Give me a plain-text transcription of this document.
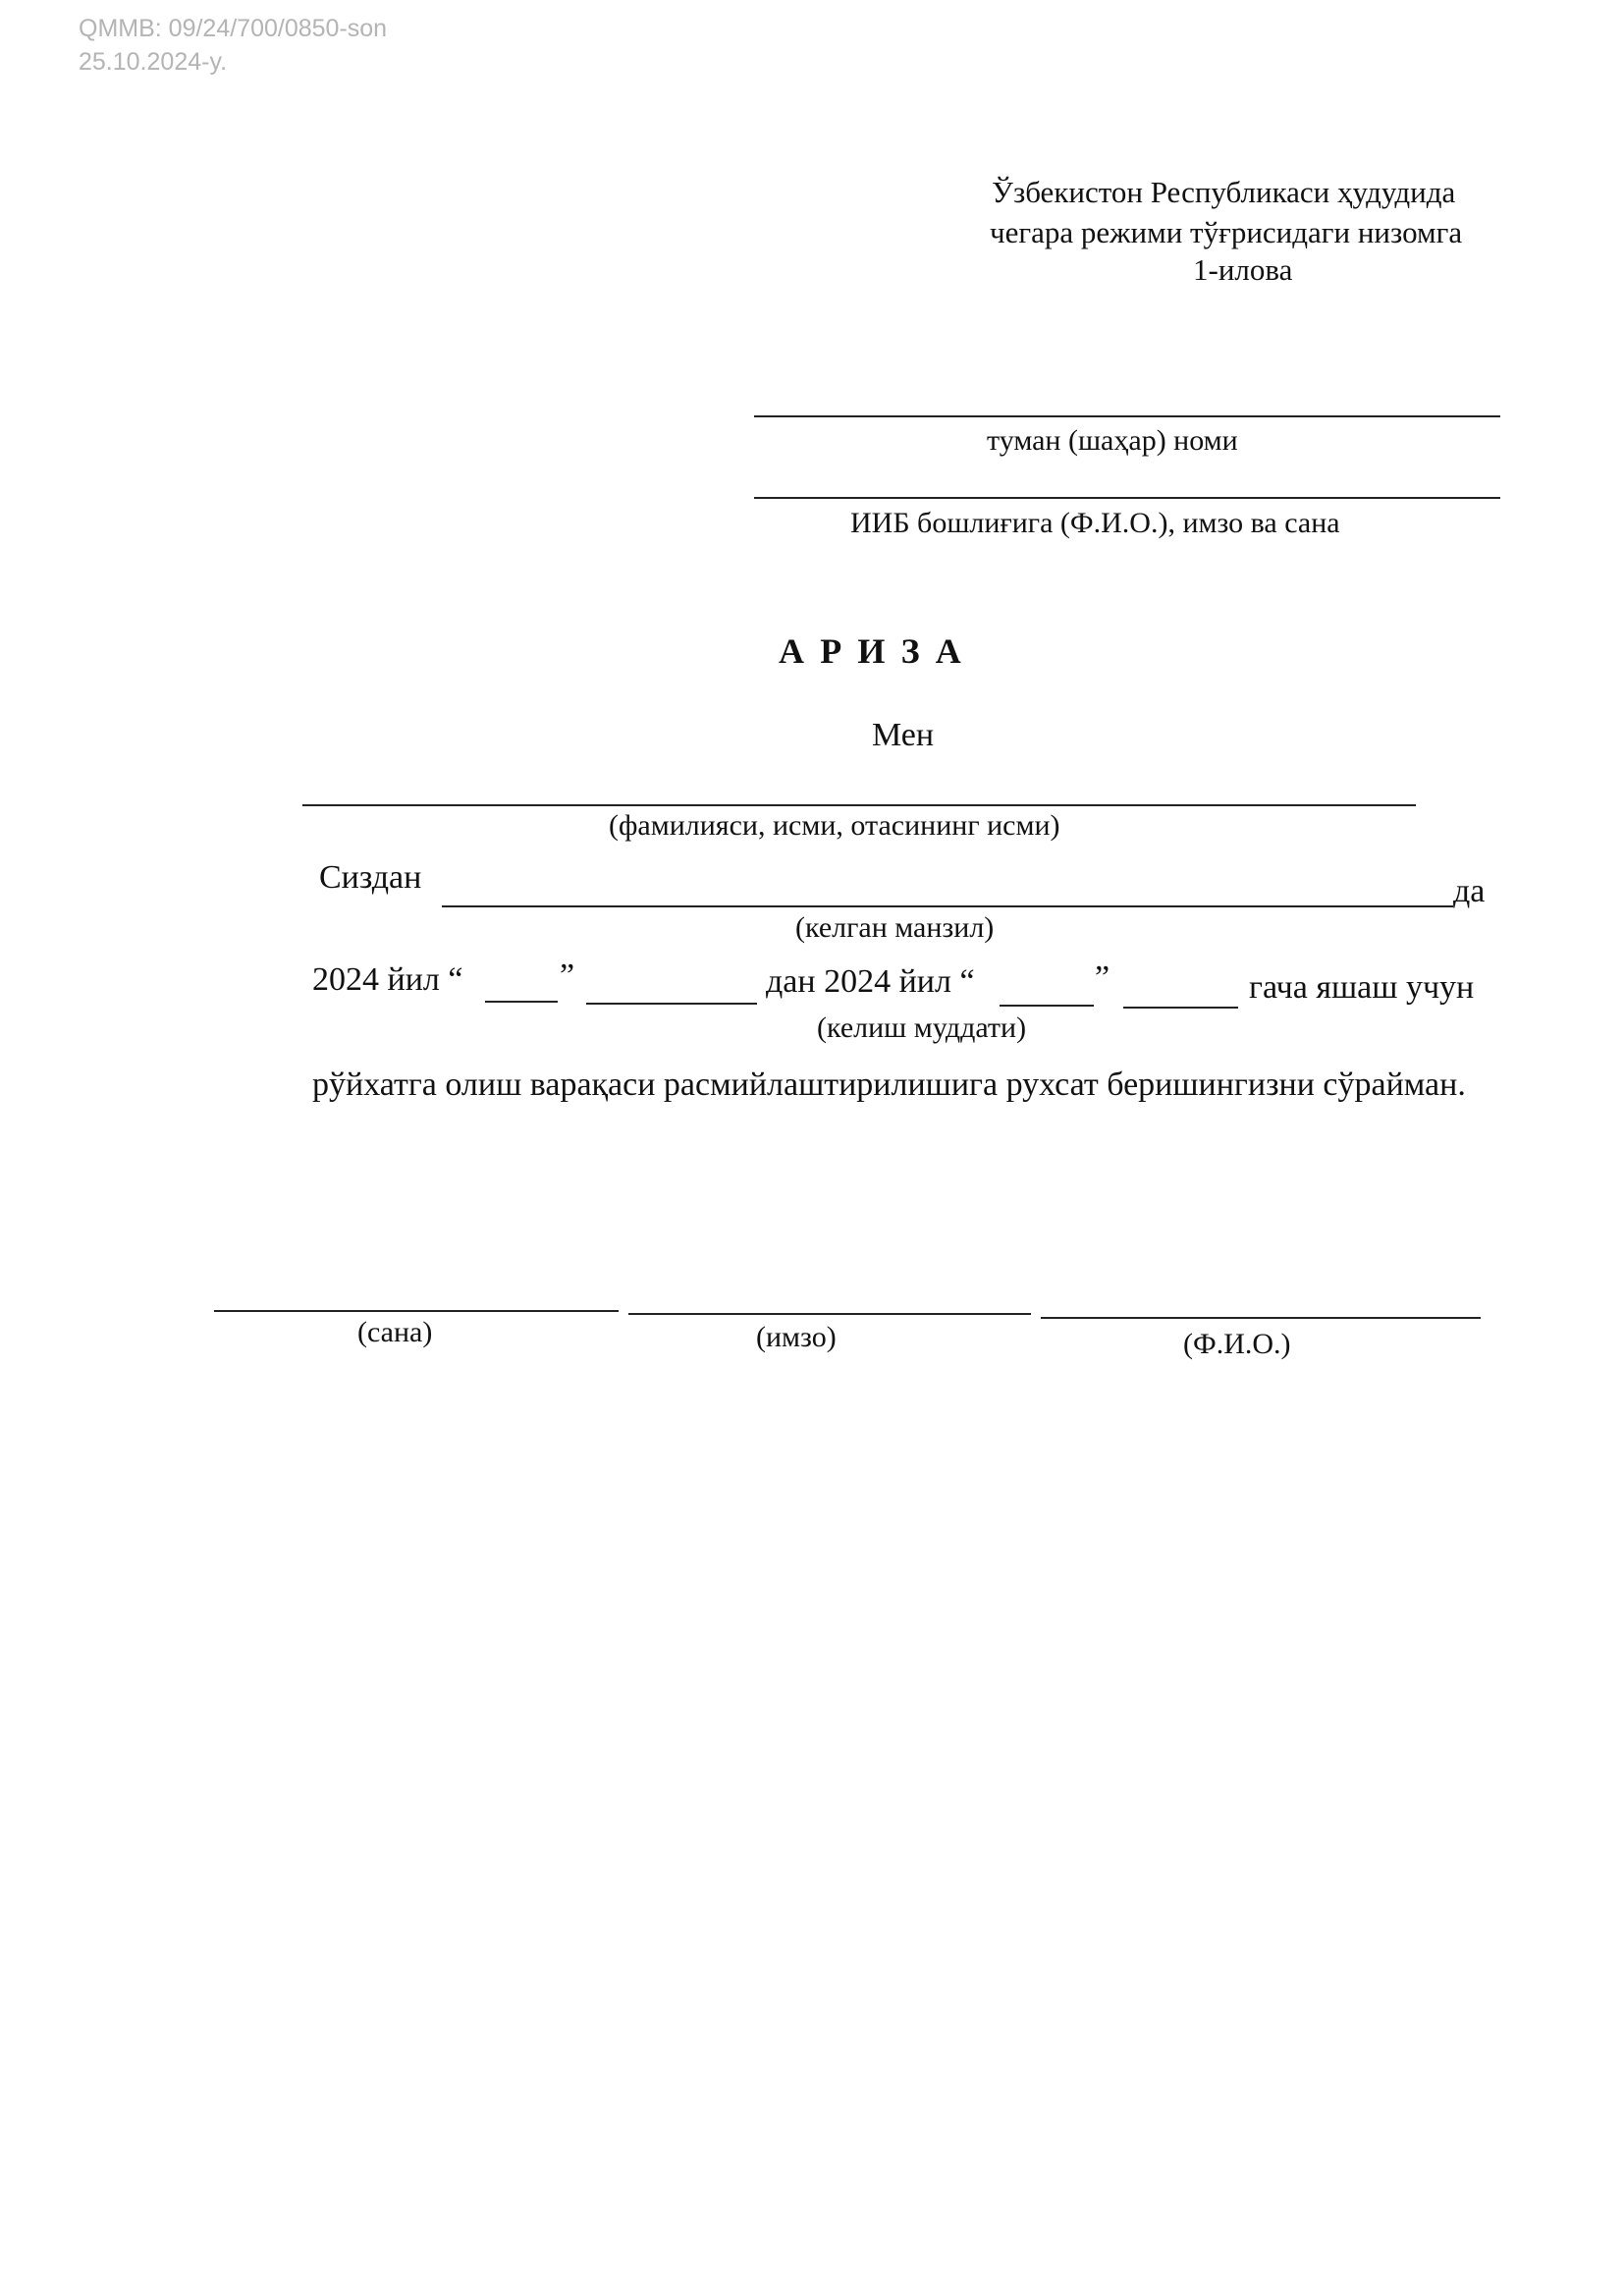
QMMB: 09/24/700/0850-son
25.10.2024-y.
Ўзбекистон Республикаси ҳудудида
чегара режими тўғрисидаги низомга
1-илова
туман (шаҳар) номи
ИИБ бошлиғига (Ф.И.О.), имзо ва сана
АРИЗА
Мен
(фамилияси, исми, отасининг исми)
Сиздан	да
(келган манзил)
2024 йил “	”	дан 2024 йил “	”	гача яшаш учун
(келиш муддати)
рўйхатга олиш варақаси расмийлаштирилишига рухсат беришингизни сўрайман.
(сана)	(имзо)	(Ф.И.О.)
